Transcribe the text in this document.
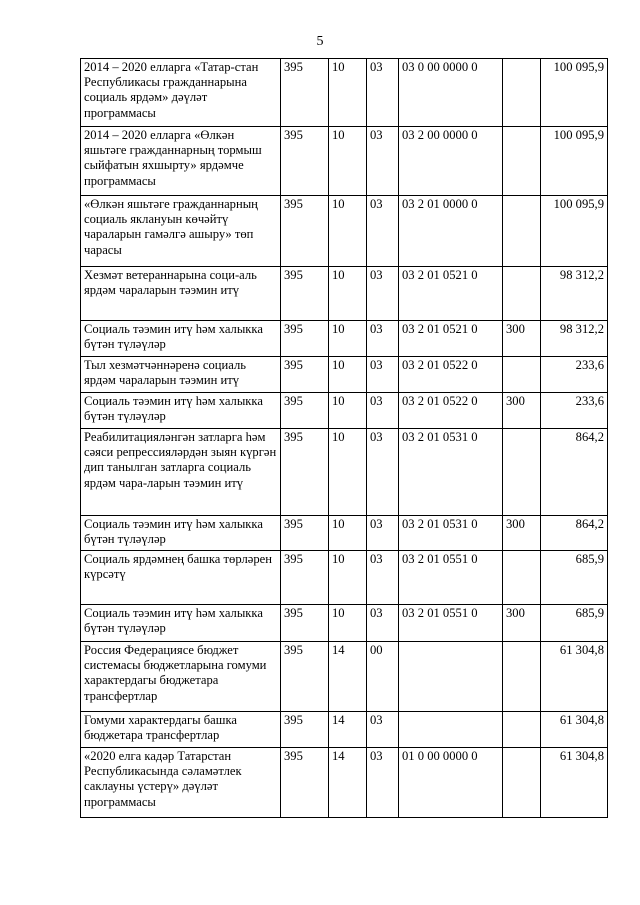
5
2014 – 2020 елларга «Татар-стан Республикасы гражданнарына социаль ярдәм» дәүләт программасы	395	10	03	03 0 00 0000 0		100 095,9
2014 – 2020 елларга «Өлкән яшьтәге гражданнарның тормыш сыйфатын яхшырту» ярдәмче программасы	395	10	03	03 2 00 0000 0		100 095,9
«Өлкән яшьтәге гражданнарның социаль яклануын көчәйтү чараларын гамәлгә ашыру» төп чарасы	395	10	03	03 2 01 0000 0		100 095,9
Хезмәт ветераннарына соци-аль ярдәм чараларын тәэмин итү	395	10	03	03 2 01 0521 0		98 312,2
Социаль тәэмин итү һәм халыкка бүтән түләүләр	395	10	03	03 2 01 0521 0	300	98 312,2
Тыл хезмәтчәннәренә социаль ярдәм чараларын тәэмин итү	395	10	03	03 2 01 0522 0		233,6
Социаль тәэмин итү һәм халыкка бүтән түләүләр	395	10	03	03 2 01 0522 0	300	233,6
Реабилитацияләнгән затларга һәм сәяси репрессияләрдән зыян күргән дип танылган затларга социаль ярдәм чара-ларын тәэмин итү	395	10	03	03 2 01 0531 0		864,2
Социаль тәэмин итү һәм халыкка бүтән түләүләр	395	10	03	03 2 01 0531 0	300	864,2
Социаль ярдәмнең башка төрләрен күрсәтү	395	10	03	03 2 01 0551 0		685,9
Социаль тәэмин итү һәм халыкка бүтән түләүләр	395	10	03	03 2 01 0551 0	300	685,9
Россия Федерациясе бюджет системасы бюджетларына гомуми характердагы бюджетара трансфертлар	395	14	00			61 304,8
Гомуми характердагы башка бюджетара трансфертлар	395	14	03			61 304,8
«2020 елга кадәр Татарстан Республикасында сәламәтлек саклауны үстерү» дәүләт программасы	395	14	03	01 0 00 0000 0		61 304,8
